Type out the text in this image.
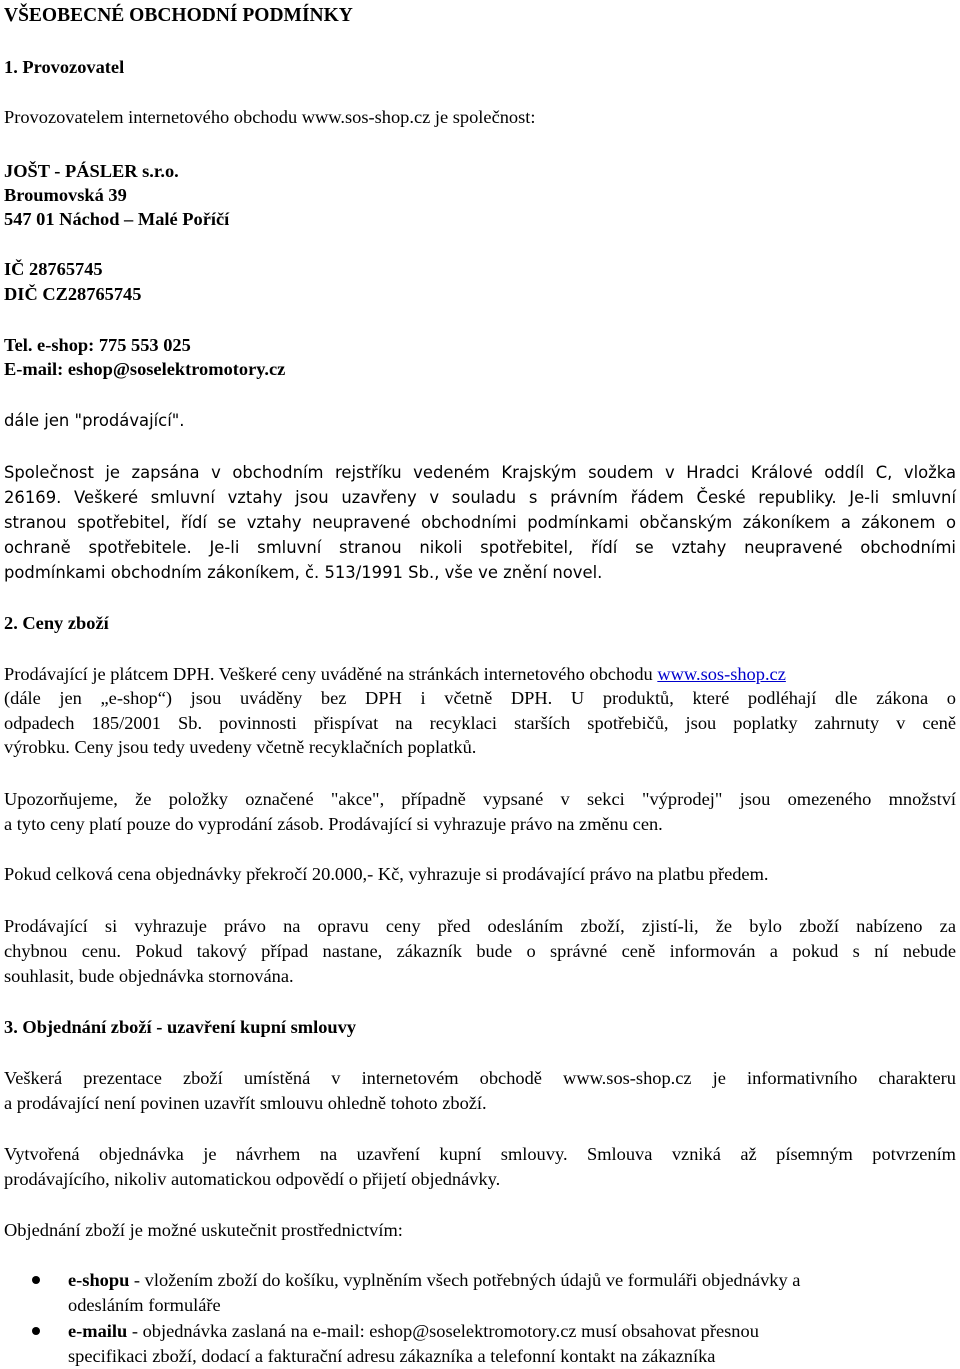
VŠEOBECNÉ OBCHODNÍ PODMÍNKY
1. Provozovatel
Provozovatelem internetového obchodu www.sos-shop.cz je společnost:
JOŠT - PÁSLER s.r.o.
Broumovská 39
547 01 Náchod – Malé Poříčí
IČ 28765745
DIČ CZ28765745
Tel. e-shop: 775 553 025
E-mail: eshop@soselektromotory.cz
dále jen "prodávající".
Společnost je zapsána v obchodním rejstříku vedeném Krajským soudem v Hradci Králové oddíl C, vložka
26169. Veškeré smluvní vztahy jsou uzavřeny v souladu s právním řádem České republiky. Je-li smluvní
stranou spotřebitel, řídí se vztahy neupravené obchodními podmínkami občanským zákoníkem a zákonem o
ochraně spotřebitele. Je-li smluvní stranou nikoli spotřebitel, řídí se vztahy neupravené obchodními
podmínkami obchodním zákoníkem, č. 513/1991 Sb., vše ve znění novel.
2. Ceny zboží
Prodávající je plátcem DPH. Veškeré ceny uváděné na stránkách internetového obchodu www.sos-shop.cz
(dále jen „e-shop“) jsou uváděny bez DPH i včetně DPH. U produktů, které podléhají dle zákona o
odpadech 185/2001 Sb. povinnosti přispívat na recyklaci starších spotřebičů, jsou poplatky zahrnuty v ceně
výrobku. Ceny jsou tedy uvedeny včetně recyklačních poplatků.
Upozorňujeme, že položky označené "akce", případně vypsané v sekci "výprodej" jsou omezeného množství
a tyto ceny platí pouze do vyprodání zásob. Prodávající si vyhrazuje právo na změnu cen.
Pokud celková cena objednávky překročí 20.000,- Kč, vyhrazuje si prodávající právo na platbu předem.
Prodávající si vyhrazuje právo na opravu ceny před odesláním zboží, zjistí-li, že bylo zboží nabízeno za
chybnou cenu. Pokud takový případ nastane, zákazník bude o správné ceně informován a pokud s ní nebude
souhlasit, bude objednávka stornována.
3. Objednání zboží - uzavření kupní smlouvy
Veškerá prezentace zboží umístěná v internetovém obchodě www.sos-shop.cz je informativního charakteru
a prodávající není povinen uzavřít smlouvu ohledně tohoto zboží.
Vytvořená objednávka je návrhem na uzavření kupní smlouvy. Smlouva vzniká až písemným potvrzením
prodávajícího, nikoliv automatickou odpovědí o přijetí objednávky.
Objednání zboží je možné uskutečnit prostřednictvím:
e-shopu - vložením zboží do košíku, vyplněním všech potřebných údajů ve formuláři objednávky a
odesláním formuláře
e-mailu - objednávka zaslaná na e-mail: eshop@soselektromotory.cz musí obsahovat přesnou
specifikaci zboží, dodací a fakturační adresu zákazníka a telefonní kontakt na zákazníka
